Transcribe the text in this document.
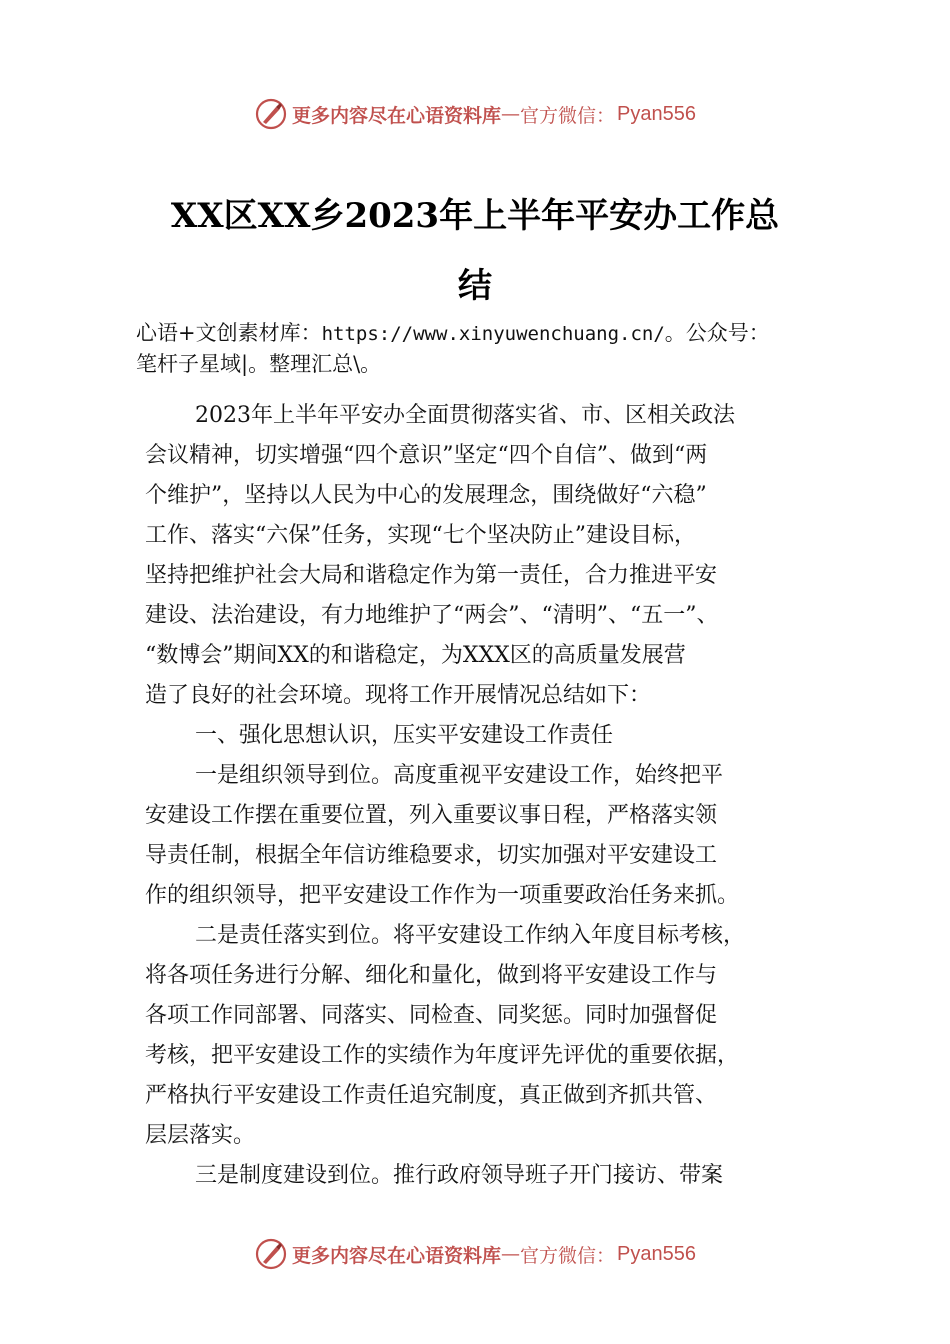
更多内容尽在心语资料库 — 官方微信： Pyan556
XX区XX乡2023年上半年平安办工作总
结
心语+文创素材库：https://www.xinyuwenchuang.cn/。公众号：
笔杆子星域|。整理汇总\。
2023年上半年平安办全面贯彻落实省、市、区相关政法
会议精神，切实增强“四个意识”坚定“四个自信”、做到“两
个维护”，坚持以人民为中心的发展理念，围绕做好“六稳”
工作、落实“六保”任务，实现“七个坚决防止”建设目标，
坚持把维护社会大局和谐稳定作为第一责任，合力推进平安
建设、法治建设，有力地维护了“两会”、“清明”、“五一”、
“数博会”期间XX的和谐稳定，为XXX区的高质量发展营
造了良好的社会环境。现将工作开展情况总结如下：
一、强化思想认识，压实平安建设工作责任
一是组织领导到位。高度重视平安建设工作，始终把平
安建设工作摆在重要位置，列入重要议事日程，严格落实领
导责任制，根据全年信访维稳要求，切实加强对平安建设工
作的组织领导，把平安建设工作作为一项重要政治任务来抓。
二是责任落实到位。将平安建设工作纳入年度目标考核，
将各项任务进行分解、细化和量化，做到将平安建设工作与
各项工作同部署、同落实、同检查、同奖惩。同时加强督促
考核，把平安建设工作的实绩作为年度评先评优的重要依据，
严格执行平安建设工作责任追究制度，真正做到齐抓共管、
层层落实。
三是制度建设到位。推行政府领导班子开门接访、带案
更多内容尽在心语资料库 — 官方微信： Pyan556
